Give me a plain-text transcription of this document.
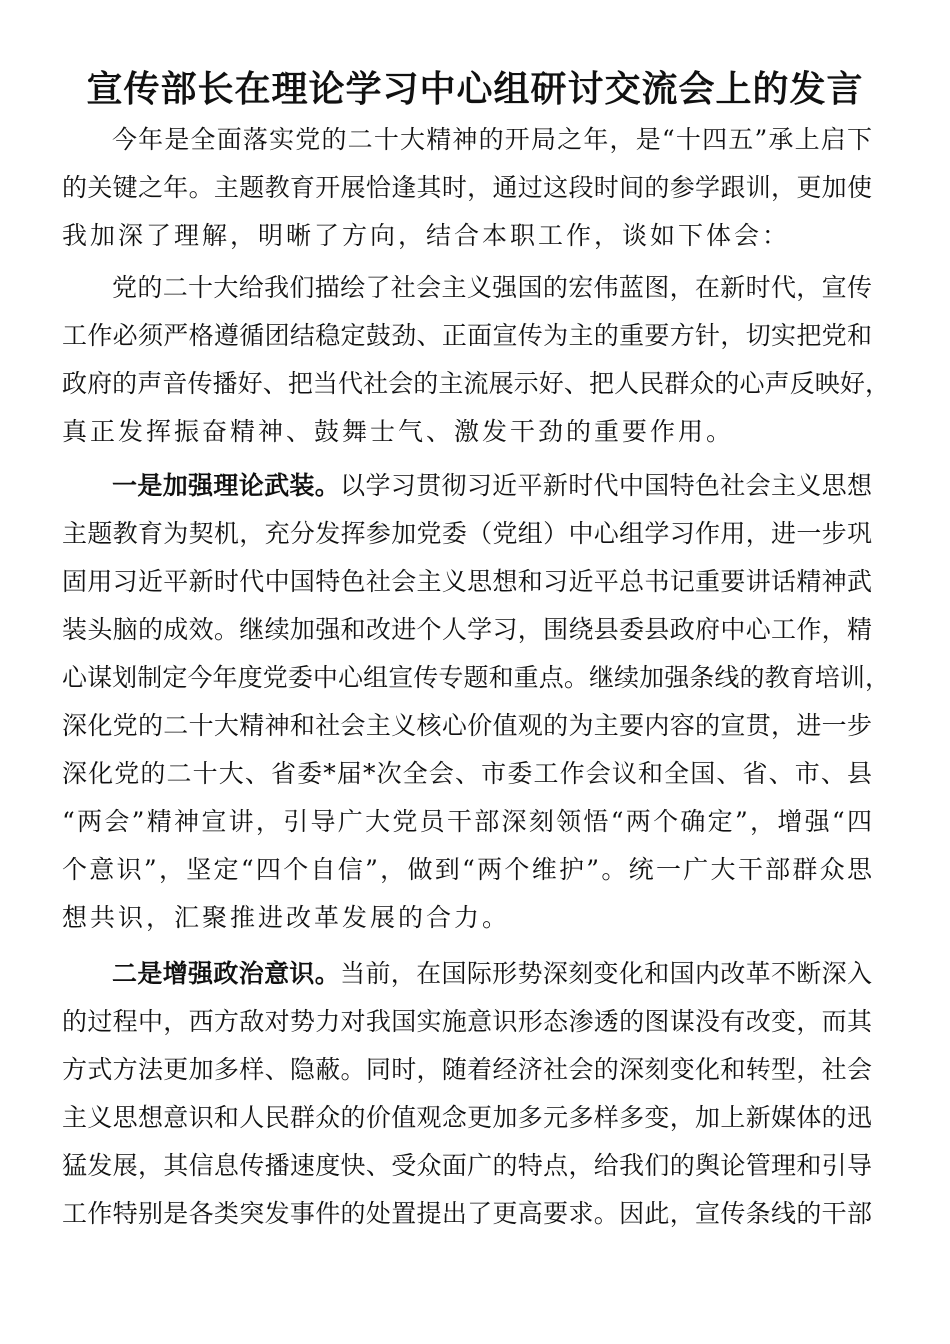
宣传部长在理论学习中心组研讨交流会上的发言
今年是全面落实党的二十大精神的开局之年，是“十四五”承上启下
的关键之年。主题教育开展恰逢其时，通过这段时间的参学跟训，更加使
我加深了理解，明晰了方向，结合本职工作，谈如下体会：
党的二十大给我们描绘了社会主义强国的宏伟蓝图，在新时代，宣传
工作必须严格遵循团结稳定鼓劲、正面宣传为主的重要方针，切实把党和
政府的声音传播好、把当代社会的主流展示好、把人民群众的心声反映好，
真正发挥振奋精神、鼓舞士气、激发干劲的重要作用。
一是加强理论武装。以学习贯彻习近平新时代中国特色社会主义思想
主题教育为契机，充分发挥参加党委（党组）中心组学习作用，进一步巩
固用习近平新时代中国特色社会主义思想和习近平总书记重要讲话精神武
装头脑的成效。继续加强和改进个人学习，围绕县委县政府中心工作，精
心谋划制定今年度党委中心组宣传专题和重点。继续加强条线的教育培训，
深化党的二十大精神和社会主义核心价值观的为主要内容的宣贯，进一步
深化党的二十大、省委*届*次全会、市委工作会议和全国、省、市、县
“两会”精神宣讲，引导广大党员干部深刻领悟“两个确定”，增强“四
个意识”，坚定“四个自信”，做到“两个维护”。统一广大干部群众思
想共识，汇聚推进改革发展的合力。
二是增强政治意识。当前，在国际形势深刻变化和国内改革不断深入
的过程中，西方敌对势力对我国实施意识形态渗透的图谋没有改变，而其
方式方法更加多样、隐蔽。同时，随着经济社会的深刻变化和转型，社会
主义思想意识和人民群众的价值观念更加多元多样多变，加上新媒体的迅
猛发展，其信息传播速度快、受众面广的特点，给我们的舆论管理和引导
工作特别是各类突发事件的处置提出了更高要求。因此，宣传条线的干部
